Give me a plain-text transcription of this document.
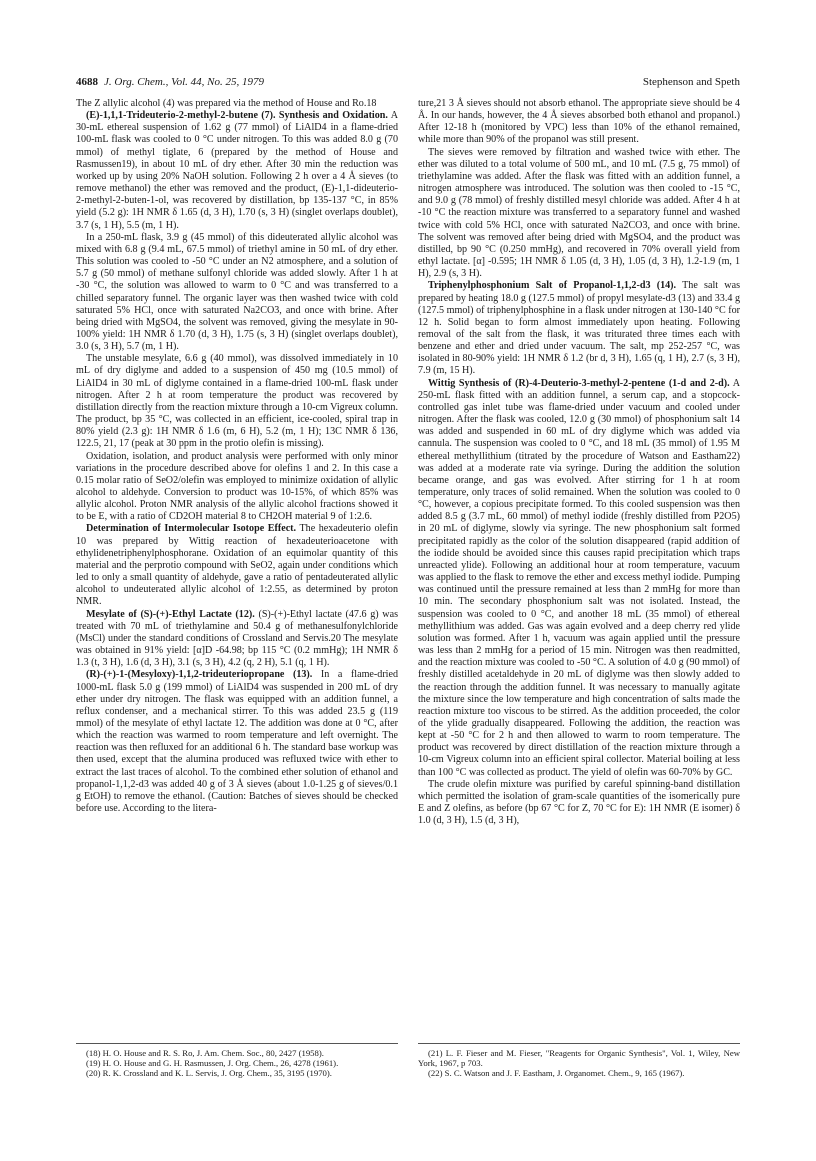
4688 J. Org. Chem., Vol. 44, No. 25, 1979	Stephenson and Speth

The Z allylic alcohol (4) was prepared via the method of House and Ro.18

(E)-1,1,1-Trideuterio-2-methyl-2-butene (7). Synthesis and Oxidation. A 30-mL ethereal suspension of 1.62 g (77 mmol) of LiAlD4 in a flame-dried 100-mL flask was cooled to 0 °C under nitrogen. To this was added 8.0 g (70 mmol) of methyl tiglate, 6 (prepared by the method of House and Rasmussen19), in about 10 mL of dry ether. After 30 min the reduction was worked up by using 20% NaOH solution. Following 2 h over a 4 Å sieves (to remove methanol) the ether was removed and the product, (E)-1,1-dideuterio-2-methyl-2-buten-1-ol, was recovered by distillation, bp 135-137 °C, in 85% yield (5.2 g): 1H NMR δ 1.65 (d, 3 H), 1.70 (s, 3 H) (singlet overlaps doublet), 3.7 (s, 1 H), 5.5 (m, 1 H).

In a 250-mL flask, 3.9 g (45 mmol) of this dideuterated allylic alcohol was mixed with 6.8 g (9.4 mL, 67.5 mmol) of triethyl amine in 50 mL of dry ether. This solution was cooled to -50 °C under an N2 atmosphere, and a solution of 5.7 g (50 mmol) of methane sulfonyl chloride was added slowly. After 1 h at -30 °C, the solution was allowed to warm to 0 °C and was transferred to a chilled separatory funnel. The organic layer was then washed twice with cold saturated 5% HCl, once with saturated Na2CO3, and once with brine. After being dried with MgSO4, the solvent was removed, giving the mesylate in 90-100% yield: 1H NMR δ 1.70 (d, 3 H), 1.75 (s, 3 H) (singlet overlaps doublet), 3.0 (s, 3 H), 5.7 (m, 1 H).

The unstable mesylate, 6.6 g (40 mmol), was dissolved immediately in 10 mL of dry diglyme and added to a suspension of 450 mg (10.5 mmol) of LiAlD4 in 30 mL of diglyme contained in a flame-dried 100-mL flask under nitrogen. After 2 h at room temperature the product was recovered by distillation directly from the reaction mixture through a 10-cm Vigreux column. The product, bp 35 °C, was collected in an efficient, ice-cooled, spiral trap in 80% yield (2.3 g): 1H NMR δ 1.6 (m, 6 H), 5.2 (m, 1 H); 13C NMR δ 136, 122.5, 21, 17 (peak at 30 ppm in the protio olefin is missing).

Oxidation, isolation, and product analysis were performed with only minor variations in the procedure described above for olefins 1 and 2. In this case a 0.15 molar ratio of SeO2/olefin was employed to minimize oxidation of allylic alcohol to aldehyde. Conversion to product was 10-15%, of which 85% was allylic alcohol. Proton NMR analysis of the allylic alcohol fractions showed it to be E, with a ratio of CD2OH material 8 to CH2OH material 9 of 1:2.6.

Determination of Intermolecular Isotope Effect. The hexadeuterio olefin 10 was prepared by Wittig reaction of hexadeuterioacetone with ethylidenetriphenylphosphorane. Oxidation of an equimolar quantity of this material and the perprotio compound with SeO2, again under conditions which led to only a small quantity of aldehyde, gave a ratio of pentadeuterated allylic alcohol to undeuterated allylic alcohol of 1:2.55, as determined by proton NMR.

Mesylate of (S)-(+)-Ethyl Lactate (12). (S)-(+)-Ethyl lactate (47.6 g) was treated with 70 mL of triethylamine and 50.4 g of methanesulfonylchloride (MsCl) under the standard conditions of Crossland and Servis.20 The mesylate was obtained in 91% yield: [α]D -64.98; bp 115 °C (0.2 mmHg); 1H NMR δ 1.3 (t, 3 H), 1.6 (d, 3 H), 3.1 (s, 3 H), 4.2 (q, 2 H), 5.1 (q, 1 H).

(R)-(+)-1-(Mesyloxy)-1,1,2-trideuteriopropane (13). In a flame-dried 1000-mL flask 5.0 g (199 mmol) of LiAlD4 was suspended in 200 mL of dry ether under dry nitrogen. The flask was equipped with an addition funnel, a reflux condenser, and a mechanical stirrer. To this was added 23.5 g (119 mmol) of the mesylate of ethyl lactate 12. The addition was done at 0 °C, after which the reaction was warmed to room temperature and left overnight. The reaction was then refluxed for an additional 6 h. The standard base workup was then used, except that the alumina produced was refluxed twice with ether to extract the last traces of alcohol. To the combined ether solution of ethanol and propanol-1,1,2-d3 was added 40 g of 3 Å sieves (about 1.0-1.25 g of sieves/0.1 g EtOH) to remove the ethanol. (Caution: Batches of sieves should be checked before use. According to the litera-

ture,21 3 Å sieves should not absorb ethanol. The appropriate sieve should be 4 Å. In our hands, however, the 4 Å sieves absorbed both ethanol and propanol.) After 12-18 h (monitored by VPC) less than 10% of the ethanol remained, while more than 90% of the propanol was still present.

The sieves were removed by filtration and washed twice with ether. The ether was diluted to a total volume of 500 mL, and 10 mL (7.5 g, 75 mmol) of triethylamine was added. After the flask was fitted with an addition funnel, a nitrogen atmosphere was introduced. The solution was then cooled to -15 °C, and 9.0 g (78 mmol) of freshly distilled mesyl chloride was added. After 4 h at -10 °C the reaction mixture was transferred to a separatory funnel and washed twice with cold 5% HCl, once with saturated Na2CO3, and once with brine. The solvent was removed after being dried with MgSO4, and the product was distilled, bp 90 °C (0.250 mmHg), and recovered in 70% overall yield from ethyl lactate. [α] -0.595; 1H NMR δ 1.05 (d, 3 H), 1.05 (d, 3 H), 1.2-1.9 (m, 1 H), 2.9 (s, 3 H).

Triphenylphosphonium Salt of Propanol-1,1,2-d3 (14). The salt was prepared by heating 18.0 g (127.5 mmol) of propyl mesylate-d3 (13) and 33.4 g (127.5 mmol) of triphenylphosphine in a flask under nitrogen at 130-140 °C for 12 h. Solid began to form almost immediately upon heating. Following removal of the salt from the flask, it was triturated three times each with benzene and ether and dried under vacuum. The salt, mp 252-257 °C, was isolated in 80-90% yield: 1H NMR δ 1.2 (br d, 3 H), 1.65 (q, 1 H), 2.7 (s, 3 H), 7.9 (m, 15 H).

Wittig Synthesis of (R)-4-Deuterio-3-methyl-2-pentene (1-d and 2-d). A 250-mL flask fitted with an addition funnel, a serum cap, and a stopcock-controlled gas inlet tube was flame-dried under vacuum and cooled under nitrogen. After the flask was cooled, 12.0 g (30 mmol) of phosphonium salt 14 was added and suspended in 60 mL of dry diglyme which was added via cannula. The suspension was cooled to 0 °C, and 18 mL (35 mmol) of 1.95 M ethereal methyllithium (titrated by the procedure of Watson and Eastham22) was added at a moderate rate via syringe. During the addition the solution became orange, and gas was evolved. After stirring for 1 h at room temperature, only traces of solid remained. When the solution was cooled to 0 °C, however, a copious precipitate formed. To this cooled suspension was then added 8.5 g (3.7 mL, 60 mmol) of methyl iodide (freshly distilled from P2O5) in 20 mL of diglyme, slowly via syringe. The new phosphonium salt formed precipitated rapidly as the color of the solution disappeared (rapid addition of the iodide should be avoided since this causes rapid precipitation which traps unreacted ylide). Following an additional hour at room temperature, vacuum was applied to the flask to remove the ether and excess methyl iodide. Pumping was continued until the pressure remained at less than 2 mmHg for more than 10 min. The secondary phosphonium salt was not isolated. Instead, the suspension was cooled to 0 °C, and another 18 mL (35 mmol) of ethereal methyllithium was added. Gas was again evolved and a deep cherry red ylide solution was formed. After 1 h, vacuum was again applied until the pressure was less than 2 mmHg for a period of 15 min. Nitrogen was then readmitted, and the reaction mixture was cooled to -50 °C. A solution of 4.0 g (90 mmol) of freshly distilled acetaldehyde in 20 mL of diglyme was then slowly added to the reaction through the addition funnel. It was necessary to manually agitate the mixture since the low temperature and high concentration of salts made the reaction mixture too viscous to be stirred. As the addition proceeded, the color of the ylide gradually disappeared. Following the addition, the reaction was kept at -50 °C for 2 h and then allowed to warm to room temperature. The product was recovered by direct distillation of the reaction mixture through a 10-cm Vigreux column into an efficient spiral collector. Material boiling at less than 100 °C was collected as product. The yield of olefin was 60-70% by GC.

The crude olefin mixture was purified by careful spinning-band distillation which permitted the isolation of gram-scale quantities of the isomerically pure E and Z olefins, as before (bp 67 °C for Z, 70 °C for E): 1H NMR (E isomer) δ 1.0 (d, 3 H), 1.5 (d, 3 H),

(18) H. O. House and R. S. Ro, J. Am. Chem. Soc., 80, 2427 (1958).

(19) H. O. House and G. H. Rasmussen, J. Org. Chem., 26, 4278 (1961).

(20) R. K. Crossland and K. L. Servis, J. Org. Chem., 35, 3195 (1970).

(21) L. F. Fieser and M. Fieser, "Reagents for Organic Synthesis", Vol. 1, Wiley, New York, 1967, p 703.

(22) S. C. Watson and J. F. Eastham, J. Organomet. Chem., 9, 165 (1967).
